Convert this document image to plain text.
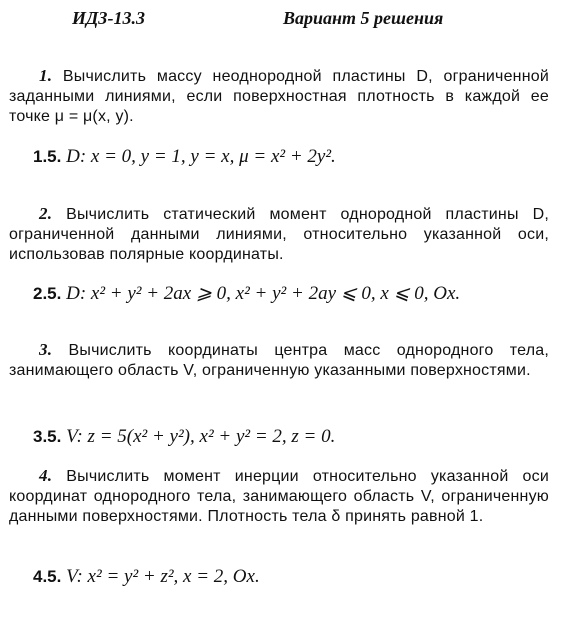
ИДЗ-13.3	Вариант 5 решения
1. Вычислить массу неоднородной пластины D, ограниченной заданными линиями, если поверхностная плотность в каждой ее точке μ = μ(x, y).
1.5. D: x = 0, y = 1, y = x, μ = x² + 2y².
2. Вычислить статический момент однородной пластины D, ограниченной данными линиями, относительно указанной оси, использовав полярные координаты.
2.5. D: x² + y² + 2ax ⩾ 0, x² + y² + 2ay ⩽ 0, x ⩽ 0, Ox.
3. Вычислить координаты центра масс однородного тела, занимающего область V, ограниченную указанными поверхностями.
3.5. V: z = 5(x² + y²), x² + y² = 2, z = 0.
4. Вычислить момент инерции относительно указанной оси координат однородного тела, занимающего область V, ограниченную данными поверхностями. Плотность тела δ принять равной 1.
4.5. V: x² = y² + z², x = 2, Ox.
